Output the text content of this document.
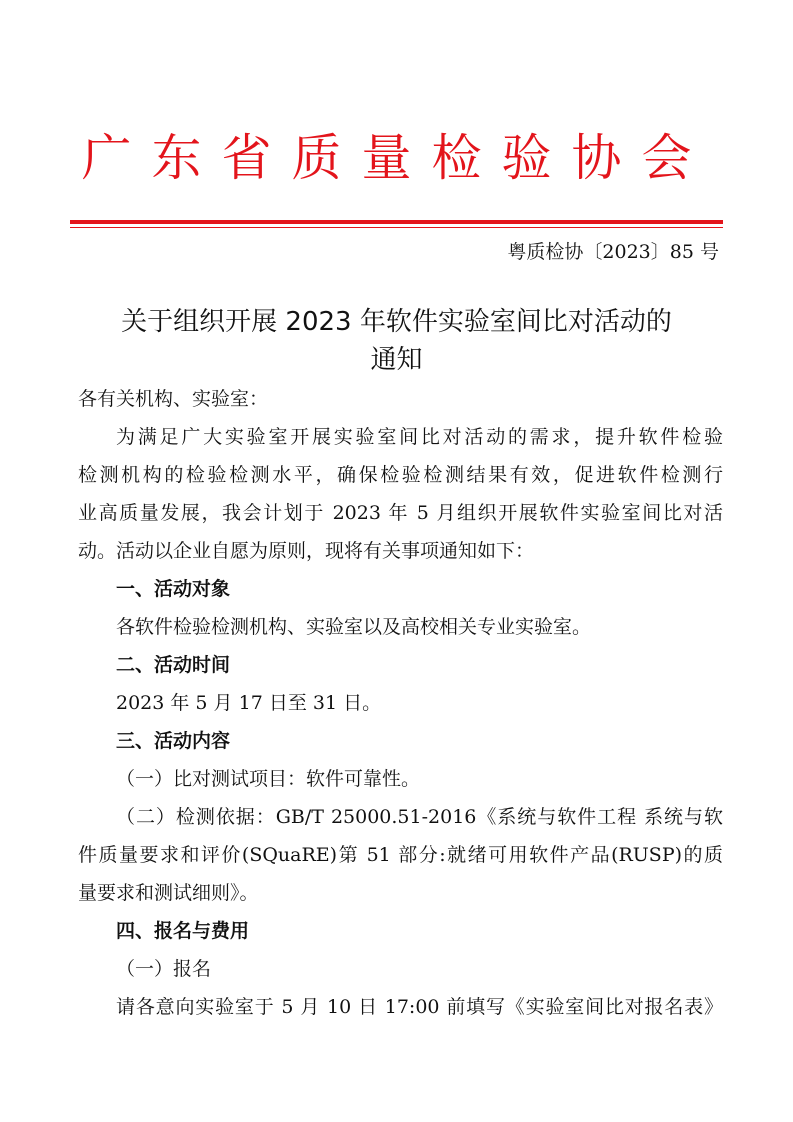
广东省质量检验协会
粤质检协〔2023〕85 号
关于组织开展 2023 年软件实验室间比对活动的
通知
各有关机构、实验室：
为满足广大实验室开展实验室间比对活动的需求，提升软件检验
检测机构的检验检测水平，确保检验检测结果有效，促进软件检测行
业高质量发展，我会计划于 2023 年 5 月组织开展软件实验室间比对活
动。活动以企业自愿为原则，现将有关事项通知如下：
一、活动对象
各软件检验检测机构、实验室以及高校相关专业实验室。
二、活动时间
2023 年 5 月 17 日至 31 日。
三、活动内容
（一）比对测试项目：软件可靠性。
（二）检测依据：GB/T 25000.51-2016《系统与软件工程 系统与软
件质量要求和评价(SQuaRE)第 51 部分:就绪可用软件产品(RUSP)的质
量要求和测试细则》。
四、报名与费用
（一）报名
请各意向实验室于 5 月 10 日 17:00 前填写《实验室间比对报名表》
